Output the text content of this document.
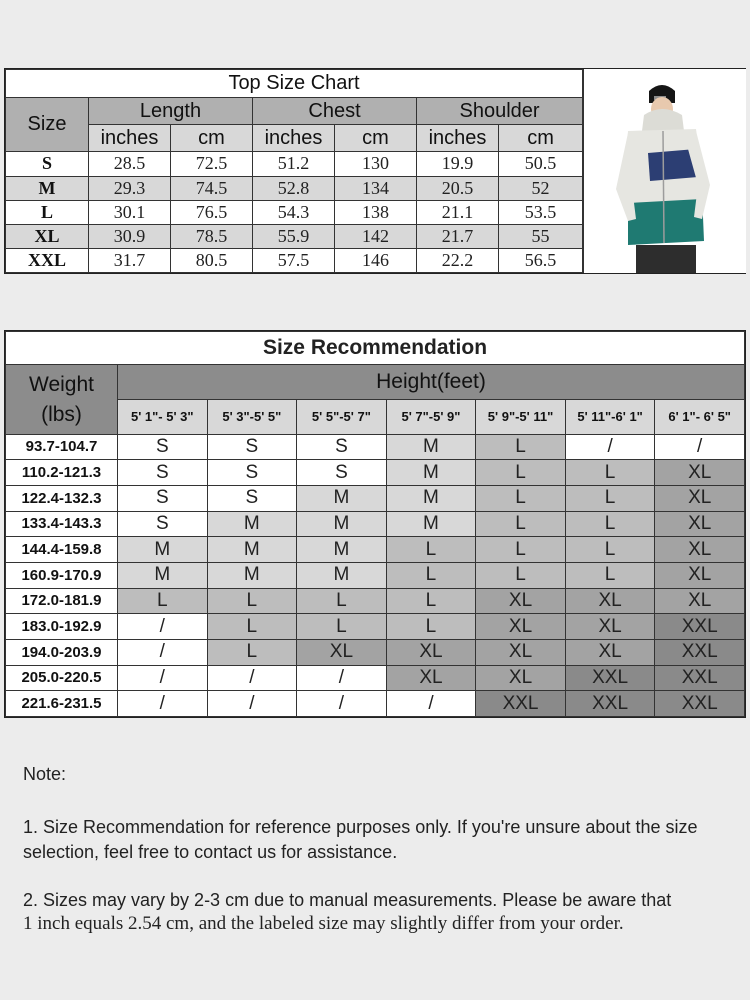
Top Size Chart						
Size	Length		Chest		Shoulder	
	inches	cm	inches	cm	inches	cm
S	28.5	72.5	51.2	130	19.9	50.5
M	29.3	74.5	52.8	134	20.5	52
L	30.1	76.5	54.3	138	21.1	53.5
XL	30.9	78.5	55.9	142	21.7	55
XXL	31.7	80.5	57.5	146	22.2	56.5
Size Recommendation							

Weight
(lbs)	Height(feet)						
	5' 1"- 5' 3"	5' 3"-5' 5"	5' 5"-5' 7"	5' 7"-5' 9"	5' 9"-5' 11"	5' 11"-6' 1"	6' 1"- 6' 5"
93.7-104.7	S	S	S	M	L	/	/
110.2-121.3	S	S	S	M	L	L	XL
122.4-132.3	S	S	M	M	L	L	XL
133.4-143.3	S	M	M	M	L	L	XL
144.4-159.8	M	M	M	L	L	L	XL
160.9-170.9	M	M	M	L	L	L	XL
172.0-181.9	L	L	L	L	XL	XL	XL
183.0-192.9	/	L	L	L	XL	XL	XXL
194.0-203.9	/	L	XL	XL	XL	XL	XXL
205.0-220.5	/	/	/	XL	XL	XXL	XXL
221.6-231.5	/	/	/	/	XXL	XXL	XXL

Note:

1. Size Recommendation for reference purposes only. If you're unsure about the size selection, feel free to contact us for assistance.

2. Sizes may vary by 2-3 cm due to manual measurements. Please be aware that
1 inch equals 2.54 cm, and the labeled size may slightly differ from your order.
